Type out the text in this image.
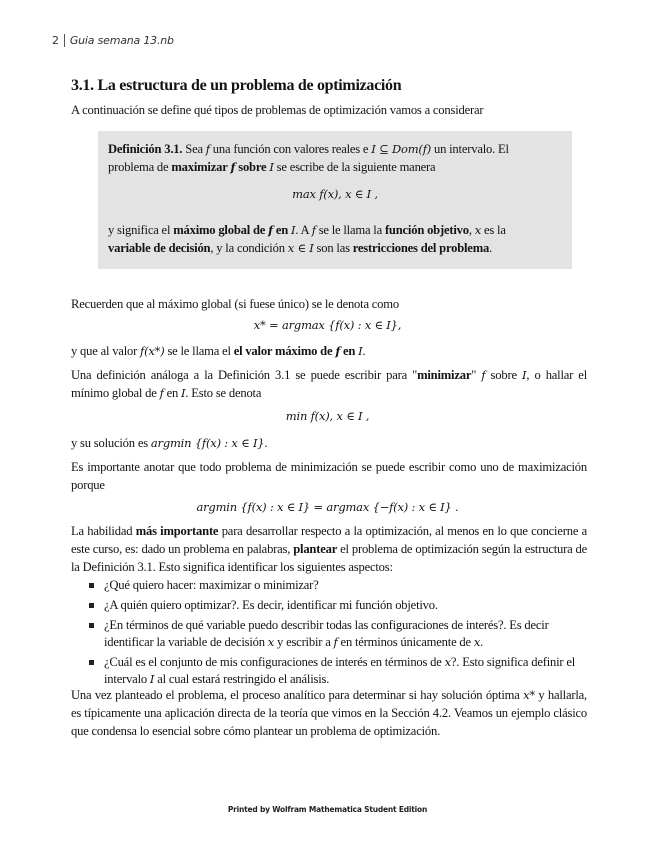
2 Guia semana 13.nb
3.1. La estructura de un problema de optimización
A continuación se define qué tipos de problemas de optimización vamos a considerar
Definición 3.1. Sea f una función con valores reales e I ⊆ Dom(f) un intervalo. El
problema de maximizar f sobre I se escribe de la siguiente manera
max f(x), x ∈ I ,
y significa el máximo global de f en I. A f se le llama la función objetivo, x es la
variable de decisión, y la condición x ∈ I son las restricciones del problema.
Recuerden que al máximo global (si fuese único) se le denota como
x* = argmax {f(x) : x ∈ I},
y que al valor f(x*) se le llama el el valor máximo de f en I.
Una definición análoga a la Definición 3.1 se puede escribir para "minimizar" f sobre I, o hallar el mínimo global de f en I. Esto se denota
min f(x), x ∈ I ,
y su solución es argmin {f(x) : x ∈ I}.
Es importante anotar que todo problema de minimización se puede escribir como uno de maximización porque
argmin {f(x) : x ∈ I} = argmax {−f(x) : x ∈ I} .
La habilidad más importante para desarrollar respecto a la optimización, al menos en lo que concierne a este curso, es: dado un problema en palabras, plantear el problema de optimización según la estructura de la Definición 3.1. Esto significa identificar los siguientes aspectos:
¿Qué quiero hacer: maximizar o minimizar?
¿A quién quiero optimizar?. Es decir, identificar mi función objetivo.
¿En términos de qué variable puedo describir todas las configuraciones de interés?. Es decir identificar la variable de decisión x y escribir a f en términos únicamente de x.
¿Cuál es el conjunto de mis configuraciones de interés en términos de x?. Esto significa definir el intervalo I al cual estará restringido el análisis.
Una vez planteado el problema, el proceso analítico para determinar si hay solución óptima x* y hallarla, es típicamente una aplicación directa de la teoría que vimos en la Sección 4.2. Veamos un ejemplo clásico que condensa lo esencial sobre cómo plantear un problema de optimización.
Printed by Wolfram Mathematica Student Edition
